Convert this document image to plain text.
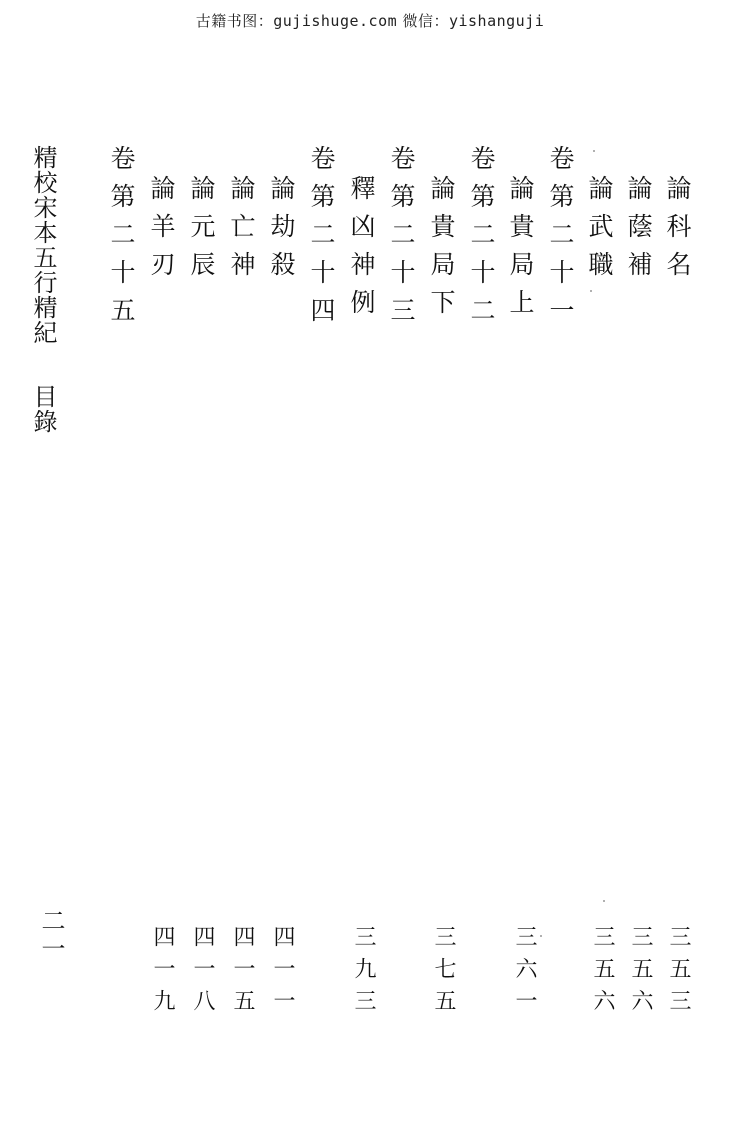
古籍书图：gujishuge.com 微信：yishanguji
精校宋本五行精紀
目錄
論科名
論蔭補
論武職
卷第二十一
論貴局上
卷第二十二
論貴局下
卷第二十三
釋凶神例
卷第二十四
論劫殺
論亡神
論元辰
論羊刃
卷第二十五
三五三
三五六
三五六
三六一
三七五
三九三
四一一
四一五
四一八
四一九
二一
